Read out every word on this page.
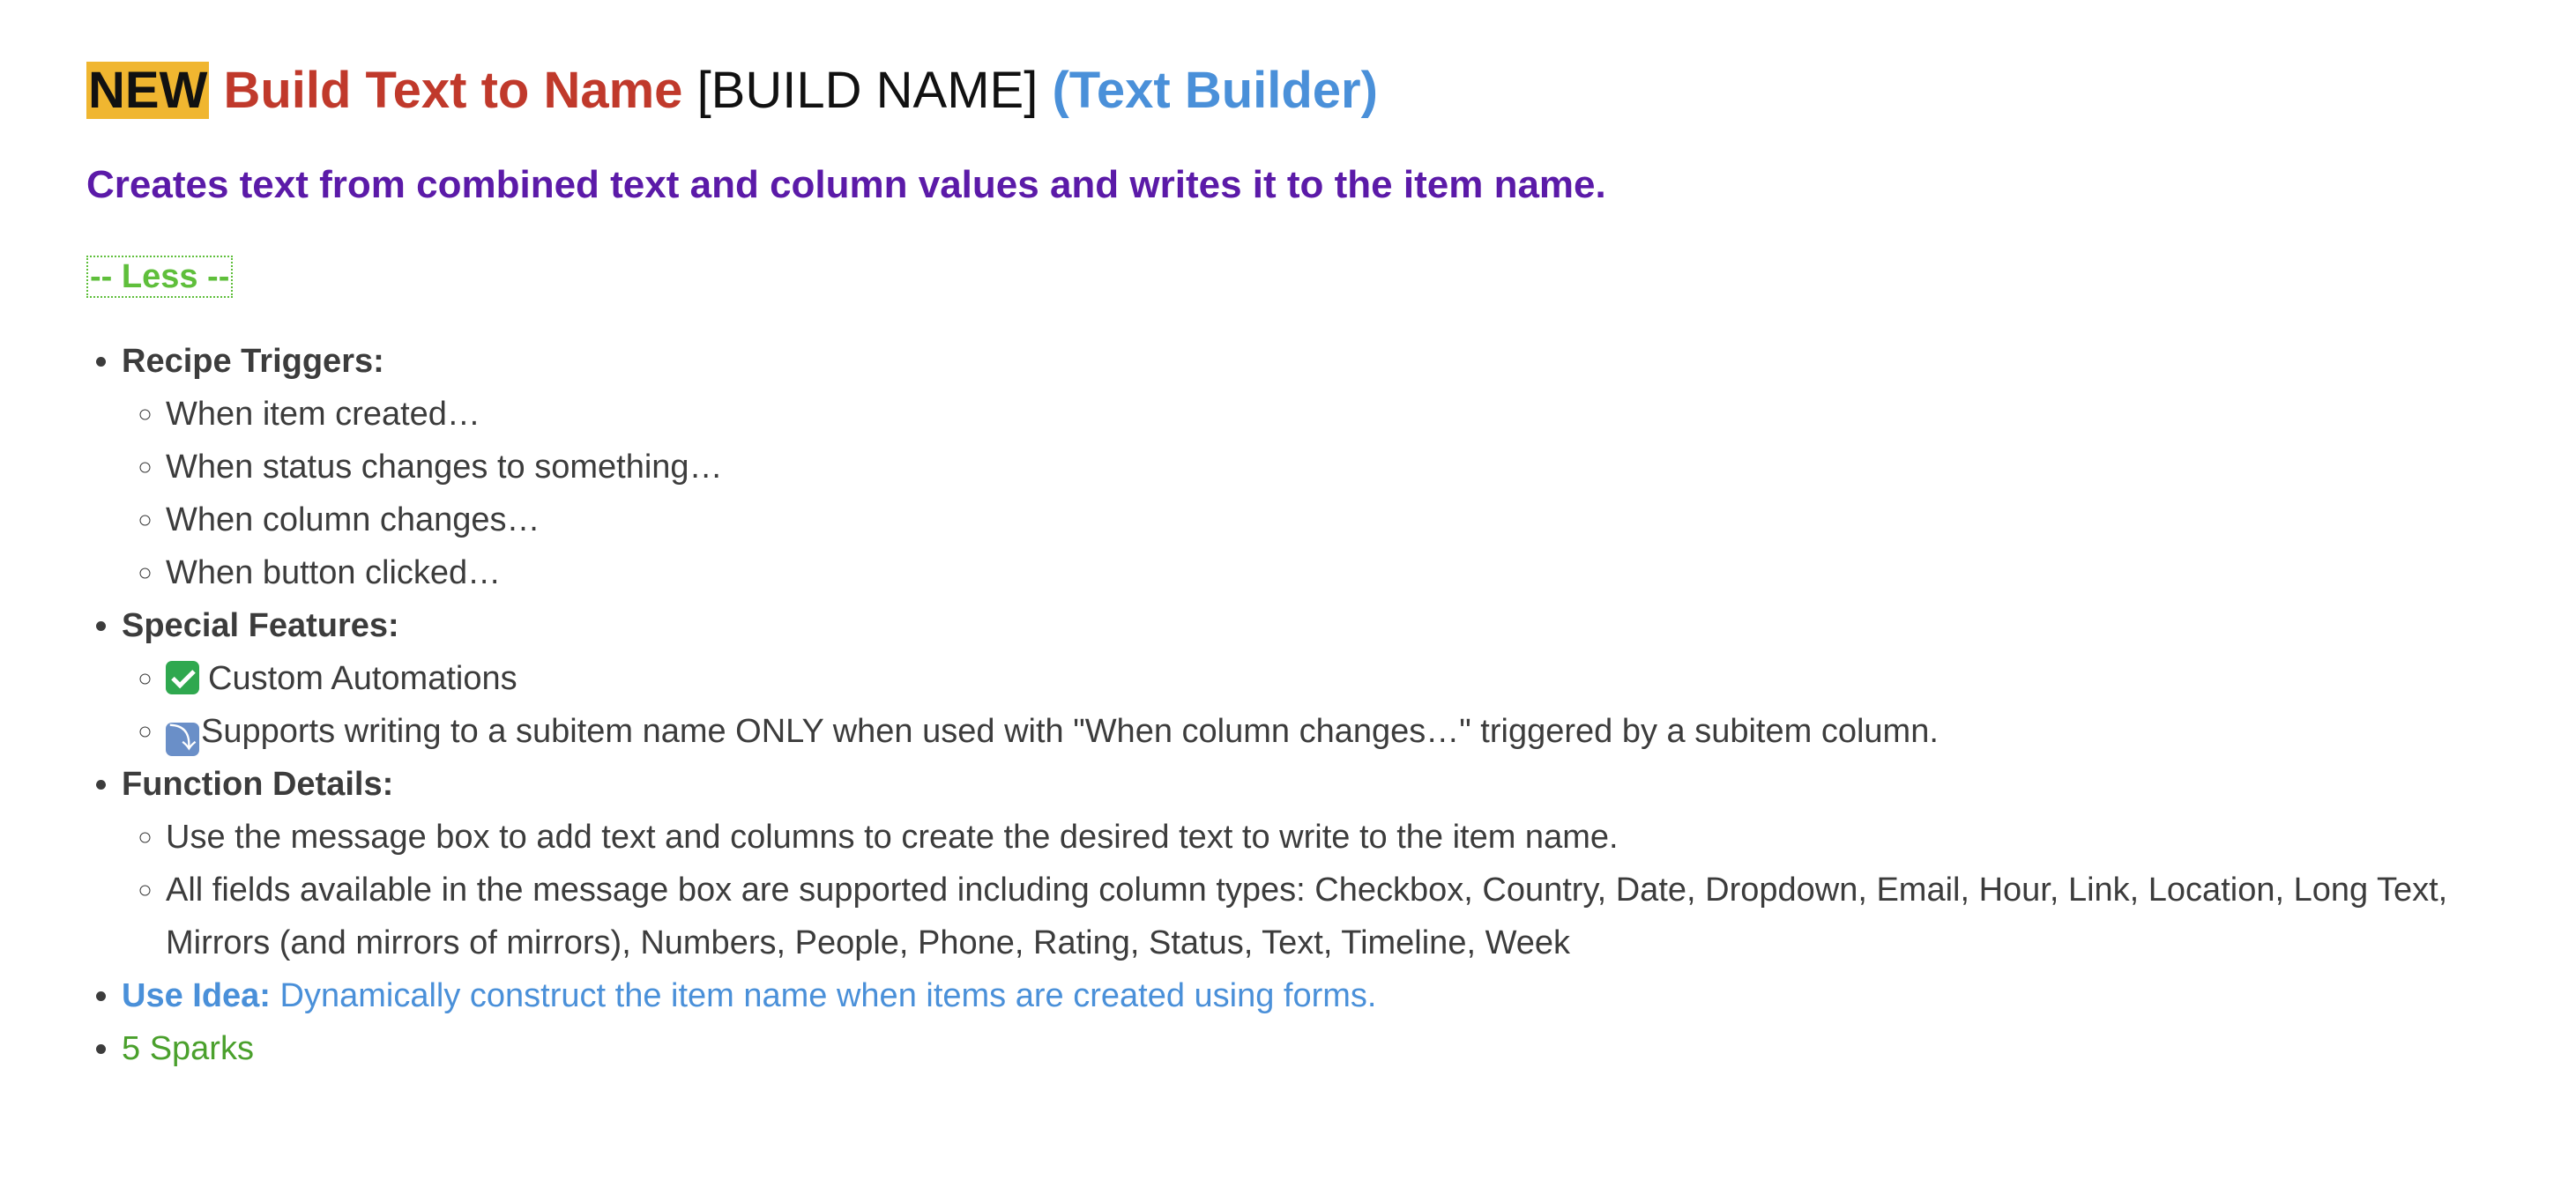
NEW Build Text to Name [BUILD NAME] (Text Builder)

Creates text from combined text and column values and writes it to the item name.

-- Less --
• Recipe Triggers:
◦ When item created…
◦ When status changes to something…
◦ When column changes…
◦ When button clicked…
• Special Features:
◦ Custom Automations
◦ ⤵ Supports writing to a subitem name ONLY when used with "When column changes…" triggered by a subitem column.
• Function Details:
◦ Use the message box to add text and columns to create the desired text to write to the item name.
◦ All fields available in the message box are supported including column types: Checkbox, Country, Date, Dropdown, Email, Hour, Link, Location, Long Text, Mirrors (and mirrors of mirrors), Numbers, People, Phone, Rating, Status, Text, Timeline, Week
• Use Idea: Dynamically construct the item name when items are created using forms.
• 5 Sparks
